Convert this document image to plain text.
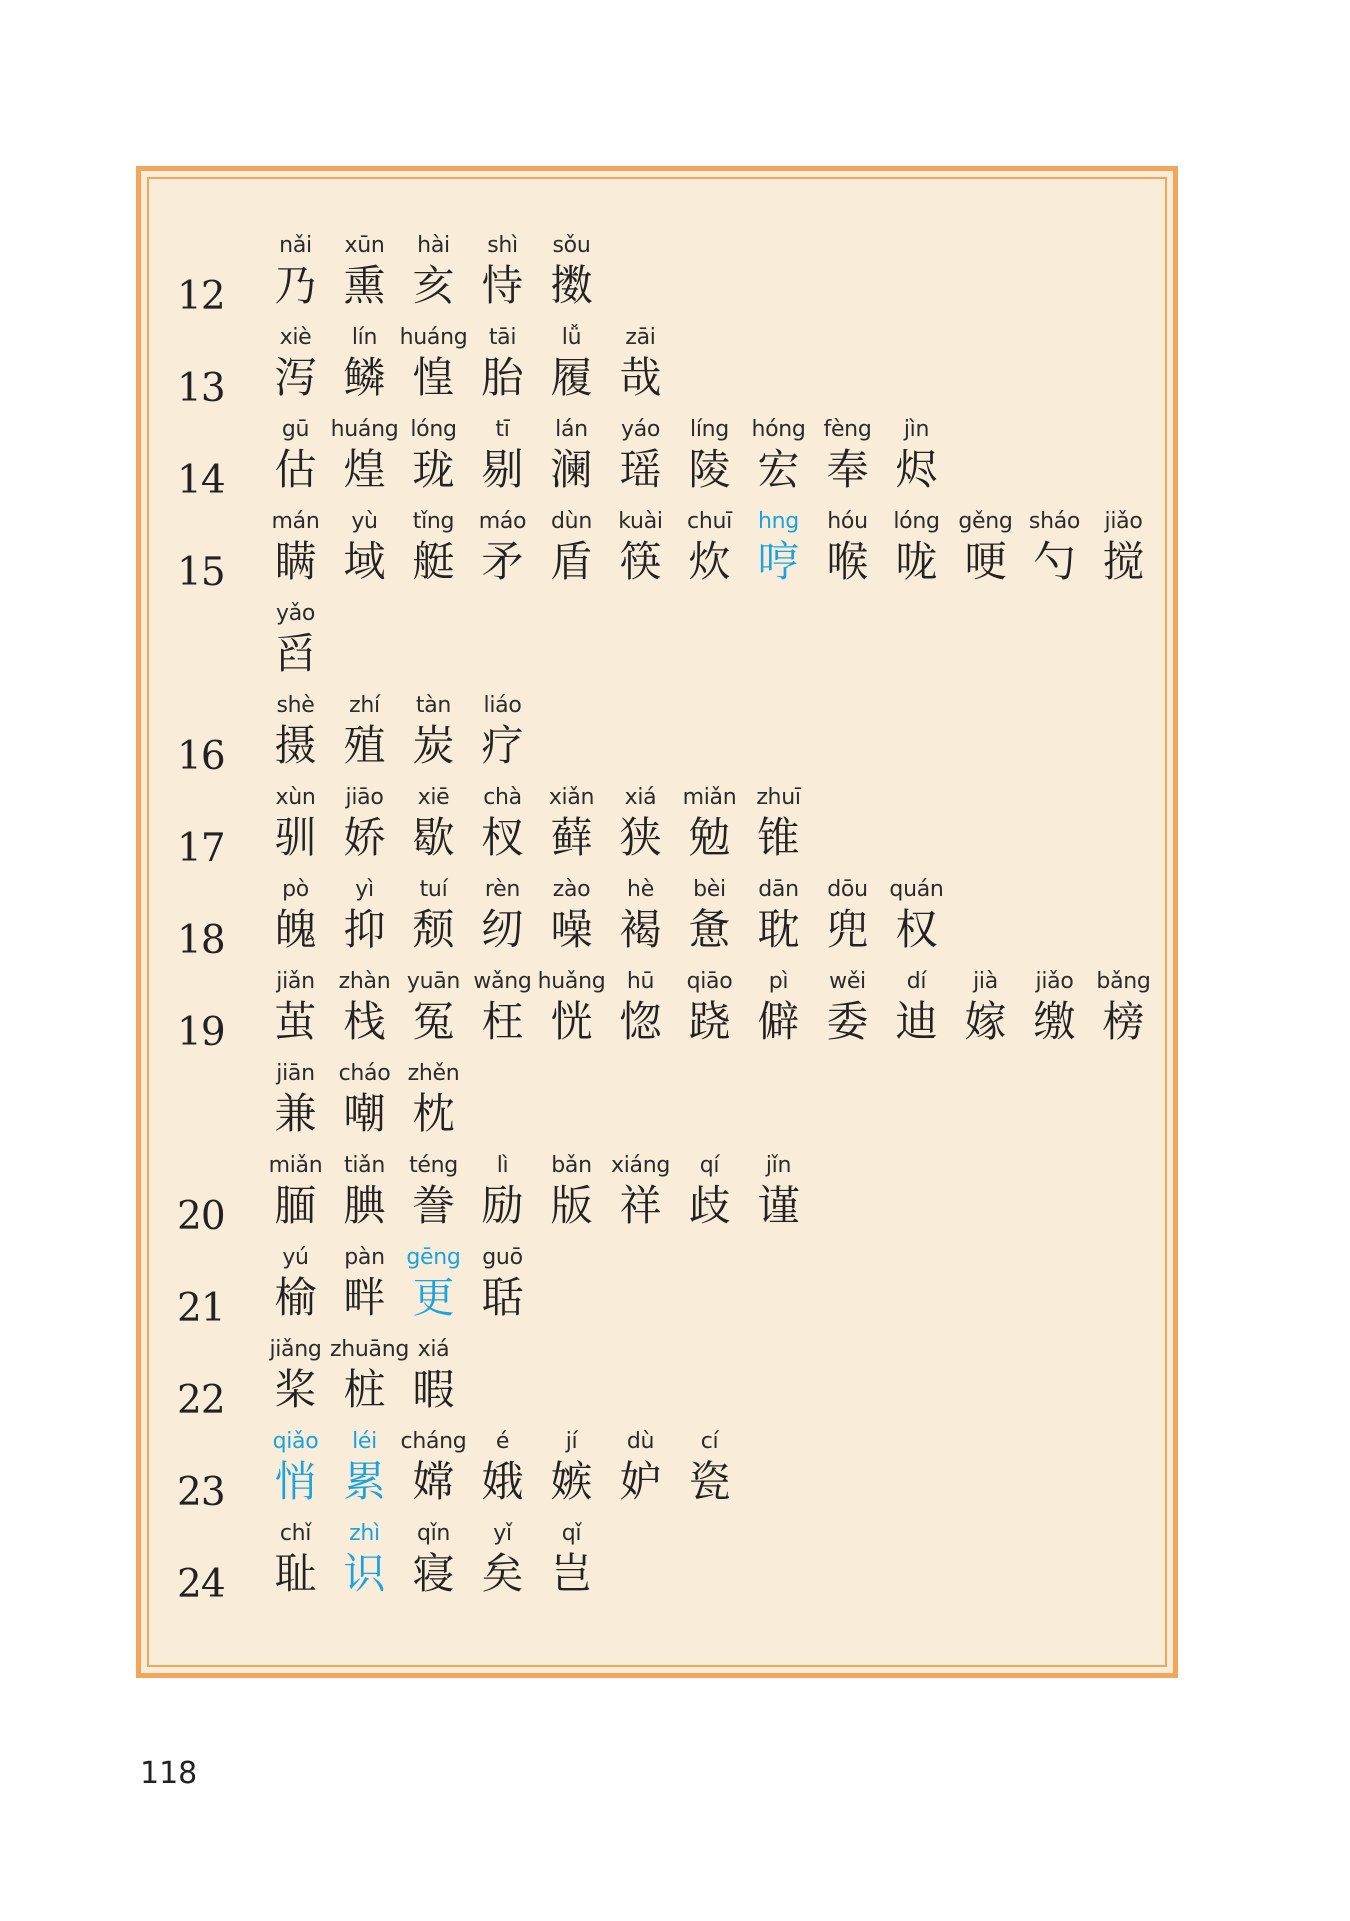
12
nǎi
乃
xūn
熏
hài
亥
shì
恃
sǒu
擞
13
xiè
泻
lín
鳞
huáng
惶
tāi
胎
lǚ
履
zāi
哉
14
gū
估
huáng
煌
lóng
珑
tī
剔
lán
澜
yáo
瑶
líng
陵
hóng
宏
fèng
奉
jìn
烬
15
mán
瞒
yù
域
tǐng
艇
máo
矛
dùn
盾
kuài
筷
chuī
炊
hng
哼
hóu
喉
lóng
咙
gěng
哽
sháo
勺
jiǎo
搅
yǎo
舀
16
shè
摄
zhí
殖
tàn
炭
liáo
疗
17
xùn
驯
jiāo
娇
xiē
歇
chà
杈
xiǎn
藓
xiá
狭
miǎn
勉
zhuī
锥
18
pò
魄
yì
抑
tuí
颓
rèn
纫
zào
噪
hè
褐
bèi
惫
dān
耽
dōu
兜
quán
权
19
jiǎn
茧
zhàn
栈
yuān
冤
wǎng
枉
huǎng
恍
hū
惚
qiāo
跷
pì
僻
wěi
委
dí
迪
jià
嫁
jiǎo
缴
bǎng
榜
jiān
兼
cháo
嘲
zhěn
枕
20
miǎn
腼
tiǎn
腆
téng
誊
lì
励
bǎn
版
xiáng
祥
qí
歧
jǐn
谨
21
yú
榆
pàn
畔
gēng
更
guō
聒
22
jiǎng
桨
zhuāng
桩
xiá
暇
23
qiǎo
悄
léi
累
cháng
嫦
é
娥
jí
嫉
dù
妒
cí
瓷
24
chǐ
耻
zhì
识
qǐn
寝
yǐ
矣
qǐ
岂
118
